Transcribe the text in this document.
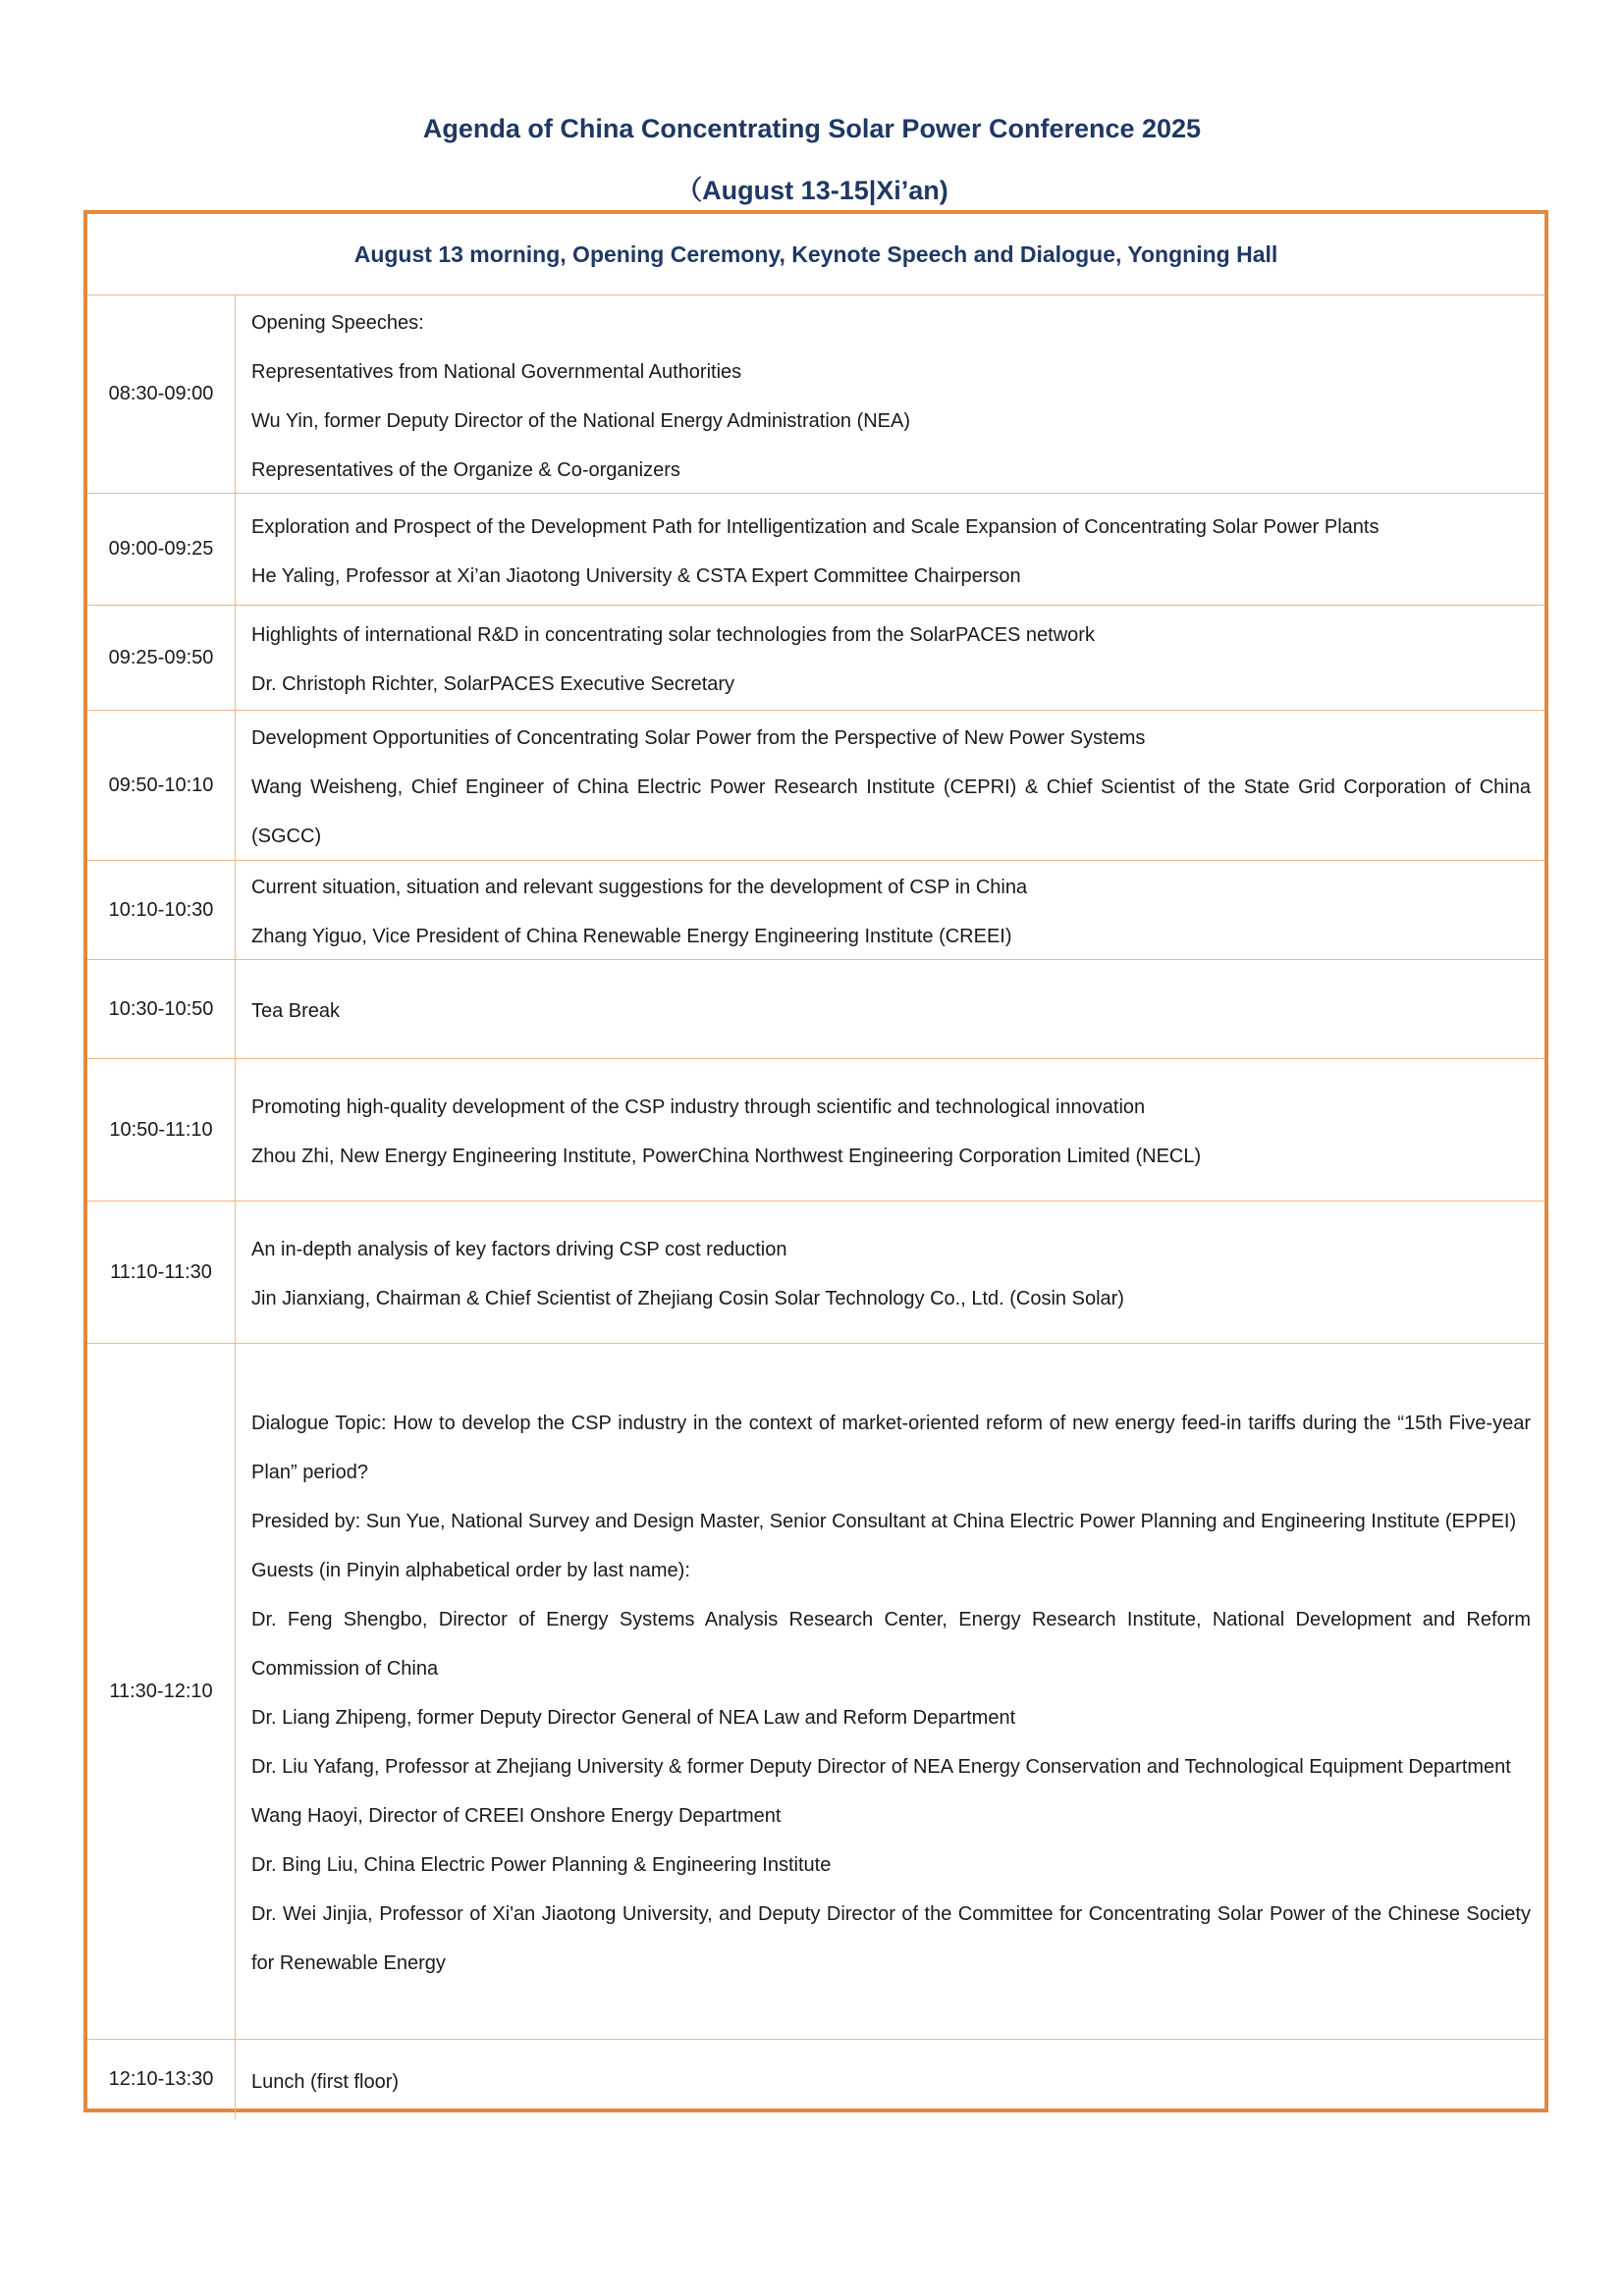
Agenda of China Concentrating Solar Power Conference 2025
（August 13-15|Xi’an)
August 13 morning, Opening Ceremony, Keynote Speech and Dialogue, Yongning Hall
08:30-09:00
Opening Speeches:
Representatives from National Governmental Authorities
Wu Yin, former Deputy Director of the National Energy Administration (NEA)
Representatives of the Organize & Co-organizers
09:00-09:25
Exploration and Prospect of the Development Path for Intelligentization and Scale Expansion of Concentrating Solar Power Plants
He Yaling, Professor at Xi’an Jiaotong University & CSTA Expert Committee Chairperson
09:25-09:50
Highlights of international R&D in concentrating solar technologies from the SolarPACES network
Dr. Christoph Richter, SolarPACES Executive Secretary
09:50-10:10
Development Opportunities of Concentrating Solar Power from the Perspective of New Power Systems
Wang Weisheng, Chief Engineer of China Electric Power Research Institute (CEPRI) & Chief Scientist of the State Grid Corporation of China (SGCC)
10:10-10:30
Current situation, situation and relevant suggestions for the development of CSP in China
Zhang Yiguo, Vice President of China Renewable Energy Engineering Institute (CREEI)
10:30-10:50	Tea Break
10:50-11:10
Promoting high-quality development of the CSP industry through scientific and technological innovation
Zhou Zhi, New Energy Engineering Institute, PowerChina Northwest Engineering Corporation Limited (NECL)
11:10-11:30
An in-depth analysis of key factors driving CSP cost reduction
Jin Jianxiang, Chairman & Chief Scientist of Zhejiang Cosin Solar Technology Co., Ltd. (Cosin Solar)
11:30-12:10
Dialogue Topic: How to develop the CSP industry in the context of market-oriented reform of new energy feed-in tariffs during the “15th Five-year Plan” period?
Presided by: Sun Yue, National Survey and Design Master, Senior Consultant at China Electric Power Planning and Engineering Institute (EPPEI)
Guests (in Pinyin alphabetical order by last name):
Dr. Feng Shengbo, Director of Energy Systems Analysis Research Center, Energy Research Institute, National Development and Reform Commission of China
Dr. Liang Zhipeng, former Deputy Director General of NEA Law and Reform Department
Dr. Liu Yafang, Professor at Zhejiang University & former Deputy Director of NEA Energy Conservation and Technological Equipment Department
Wang Haoyi, Director of CREEI Onshore Energy Department
Dr. Bing Liu, China Electric Power Planning & Engineering Institute
Dr. Wei Jinjia, Professor of Xi'an Jiaotong University, and Deputy Director of the Committee for Concentrating Solar Power of the Chinese Society for Renewable Energy
12:10-13:30	Lunch (first floor)
